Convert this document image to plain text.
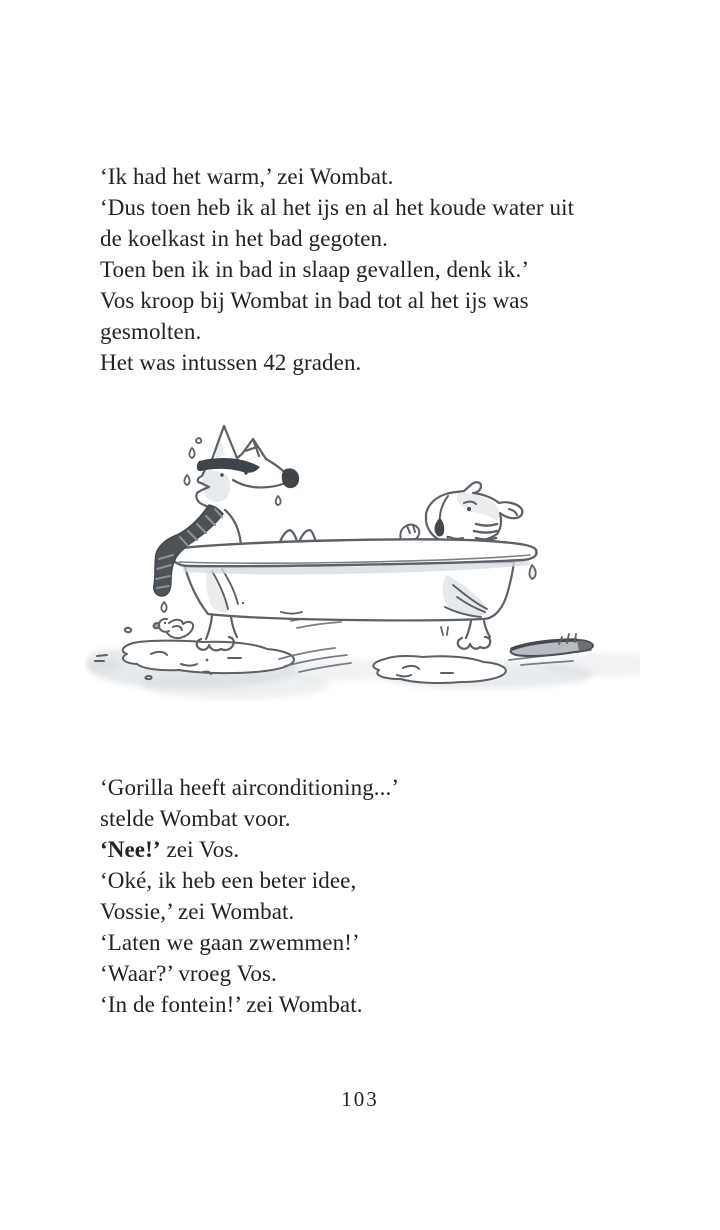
‘Ik had het warm,’ zei Wombat.
‘Dus toen heb ik al het ijs en al het koude water uit
de koelkast in het bad gegoten.
Toen ben ik in bad in slaap gevallen, denk ik.’
Vos kroop bij Wombat in bad tot al het ijs was
gesmolten.
Het was intussen 42 graden.
‘Gorilla heeft airconditioning...’
stelde Wombat voor.
‘Nee!’ zei Vos.
‘Oké, ik heb een beter idee,
Vossie,’ zei Wombat.
‘Laten we gaan zwemmen!’
‘Waar?’ vroeg Vos.
‘In de fontein!’ zei Wombat.
103
